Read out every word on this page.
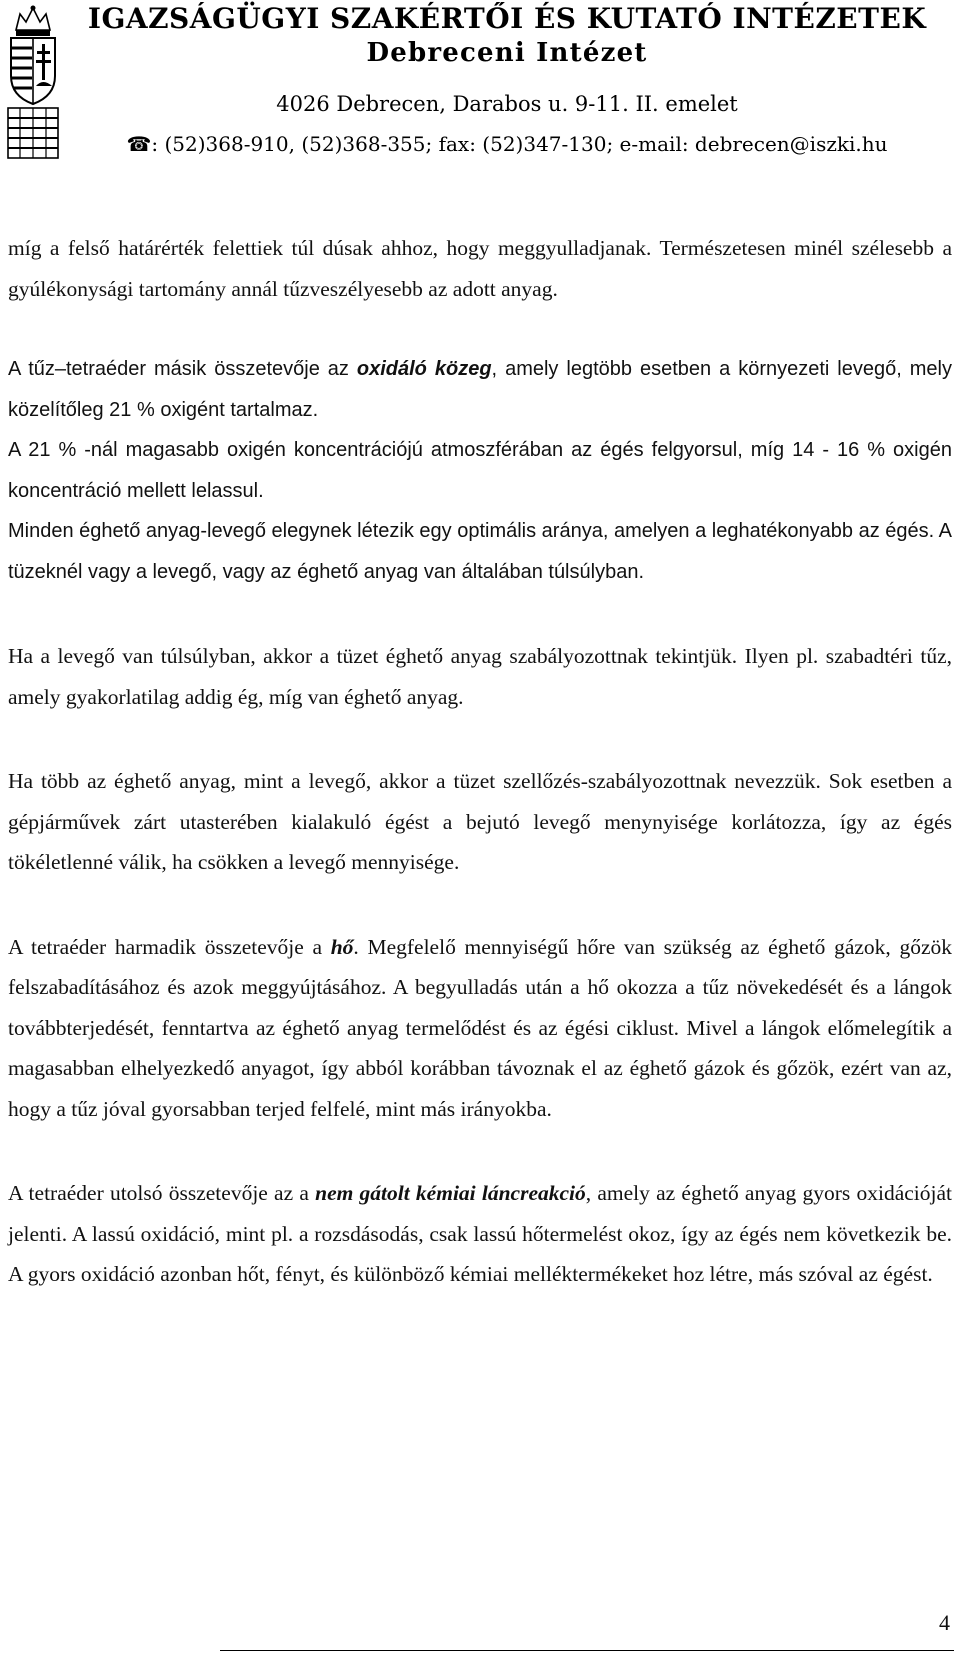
IGAZSÁGÜGYI SZAKÉRTŐI ÉS KUTATÓ INTÉZETEK
Debreceni Intézet
4026 Debrecen, Darabos u. 9-11. II. emelet
☎: (52)368-910, (52)368-355; fax: (52)347-130; e-mail: debrecen@iszki.hu

míg a felső határérték felettiek túl dúsak ahhoz, hogy meggyulladjanak. Természetesen minél szélesebb a gyúlékonysági tartomány annál tűzveszélyesebb az adott anyag.

A tűz–tetraéder másik összetevője az oxidáló közeg, amely legtöbb esetben a környezeti levegő, mely közelítőleg 21 % oxigént tartalmaz.

A 21 % -nál magasabb oxigén koncentrációjú atmoszférában az égés felgyorsul, míg 14 - 16 % oxigén koncentráció mellett lelassul.

Minden éghető anyag-levegő elegynek létezik egy optimális aránya, amelyen a leghatékonyabb az égés. A tüzeknél vagy a levegő, vagy az éghető anyag van általában túlsúlyban.

Ha a levegő van túlsúlyban, akkor a tüzet éghető anyag szabályozottnak tekintjük. Ilyen pl. szabadtéri tűz, amely gyakorlatilag addig ég, míg van éghető anyag.

Ha több az éghető anyag, mint a levegő, akkor a tüzet szellőzés-szabályozottnak nevezzük. Sok esetben a gépjárművek zárt utasterében kialakuló égést a bejutó levegő menynyisége korlátozza, így az égés tökéletlenné válik, ha csökken a levegő mennyisége.

A tetraéder harmadik összetevője a hő. Megfelelő mennyiségű hőre van szükség az éghető gázok, gőzök felszabadításához és azok meggyújtásához. A begyulladás után a hő okozza a tűz növekedését és a lángok továbbterjedését, fenntartva az éghető anyag termelődést és az égési ciklust. Mivel a lángok előmelegítik a magasabban elhelyezkedő anyagot, így abból korábban távoznak el az éghető gázok és gőzök, ezért van az, hogy a tűz jóval gyorsabban terjed felfelé, mint más irányokba.

A tetraéder utolsó összetevője az a nem gátolt kémiai láncreakció, amely az éghető anyag gyors oxidációját jelenti. A lassú oxidáció, mint pl. a rozsdásodás, csak lassú hőtermelést okoz, így az égés nem következik be. A gyors oxidáció azonban hőt, fényt, és különböző kémiai melléktermékeket hoz létre, más szóval az égést.

4
